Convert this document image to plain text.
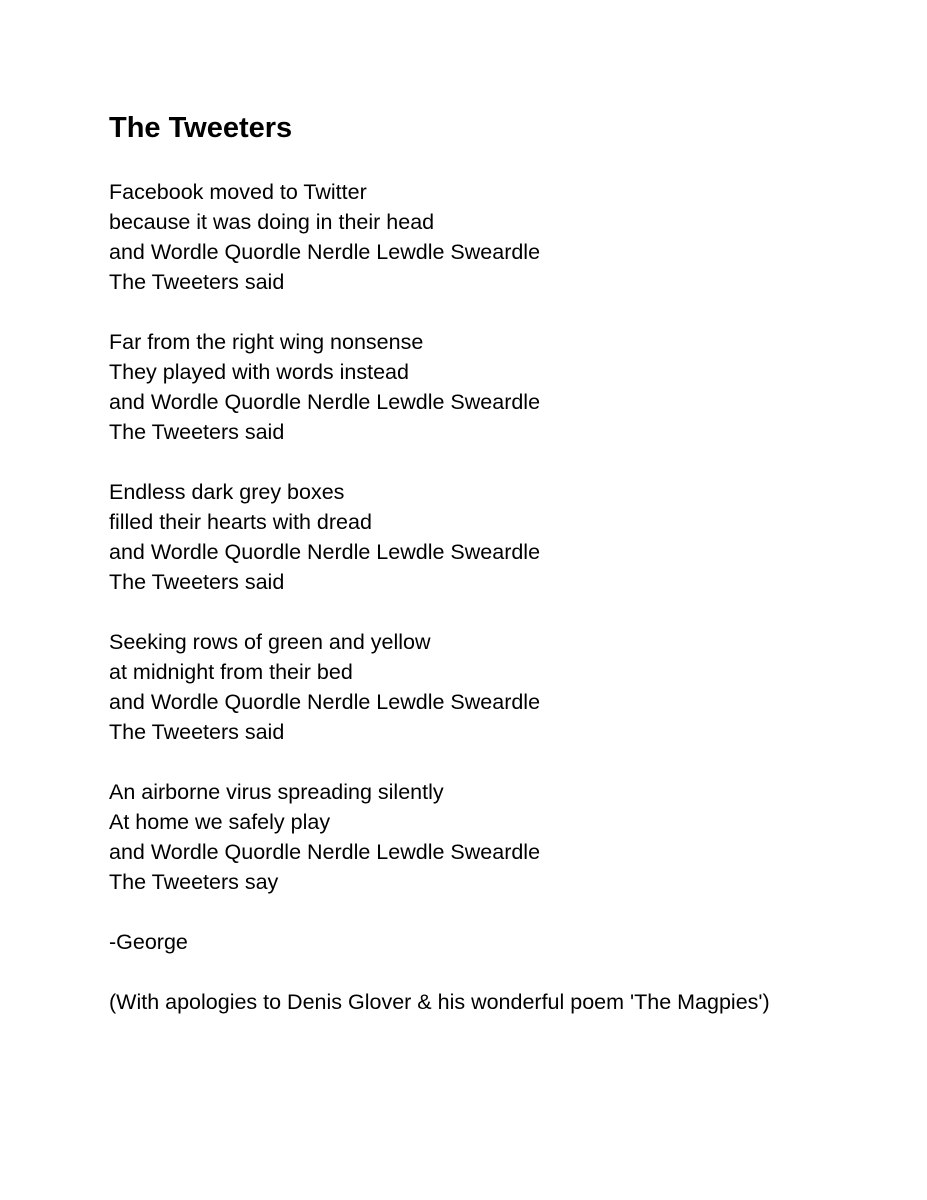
The Tweeters
Facebook moved to Twitter
because it was doing in their head
and Wordle Quordle Nerdle Lewdle Sweardle
The Tweeters said
Far from the right wing nonsense
They played with words instead
and Wordle Quordle Nerdle Lewdle Sweardle
The Tweeters said
Endless dark grey boxes
filled their hearts with dread
and Wordle Quordle Nerdle Lewdle Sweardle
The Tweeters said
Seeking rows of green and yellow
at midnight from their bed
and Wordle Quordle Nerdle Lewdle Sweardle
The Tweeters said
An airborne virus spreading silently
At home we safely play
and Wordle Quordle Nerdle Lewdle Sweardle
The Tweeters say
-George
(With apologies to Denis Glover & his wonderful poem 'The Magpies')
